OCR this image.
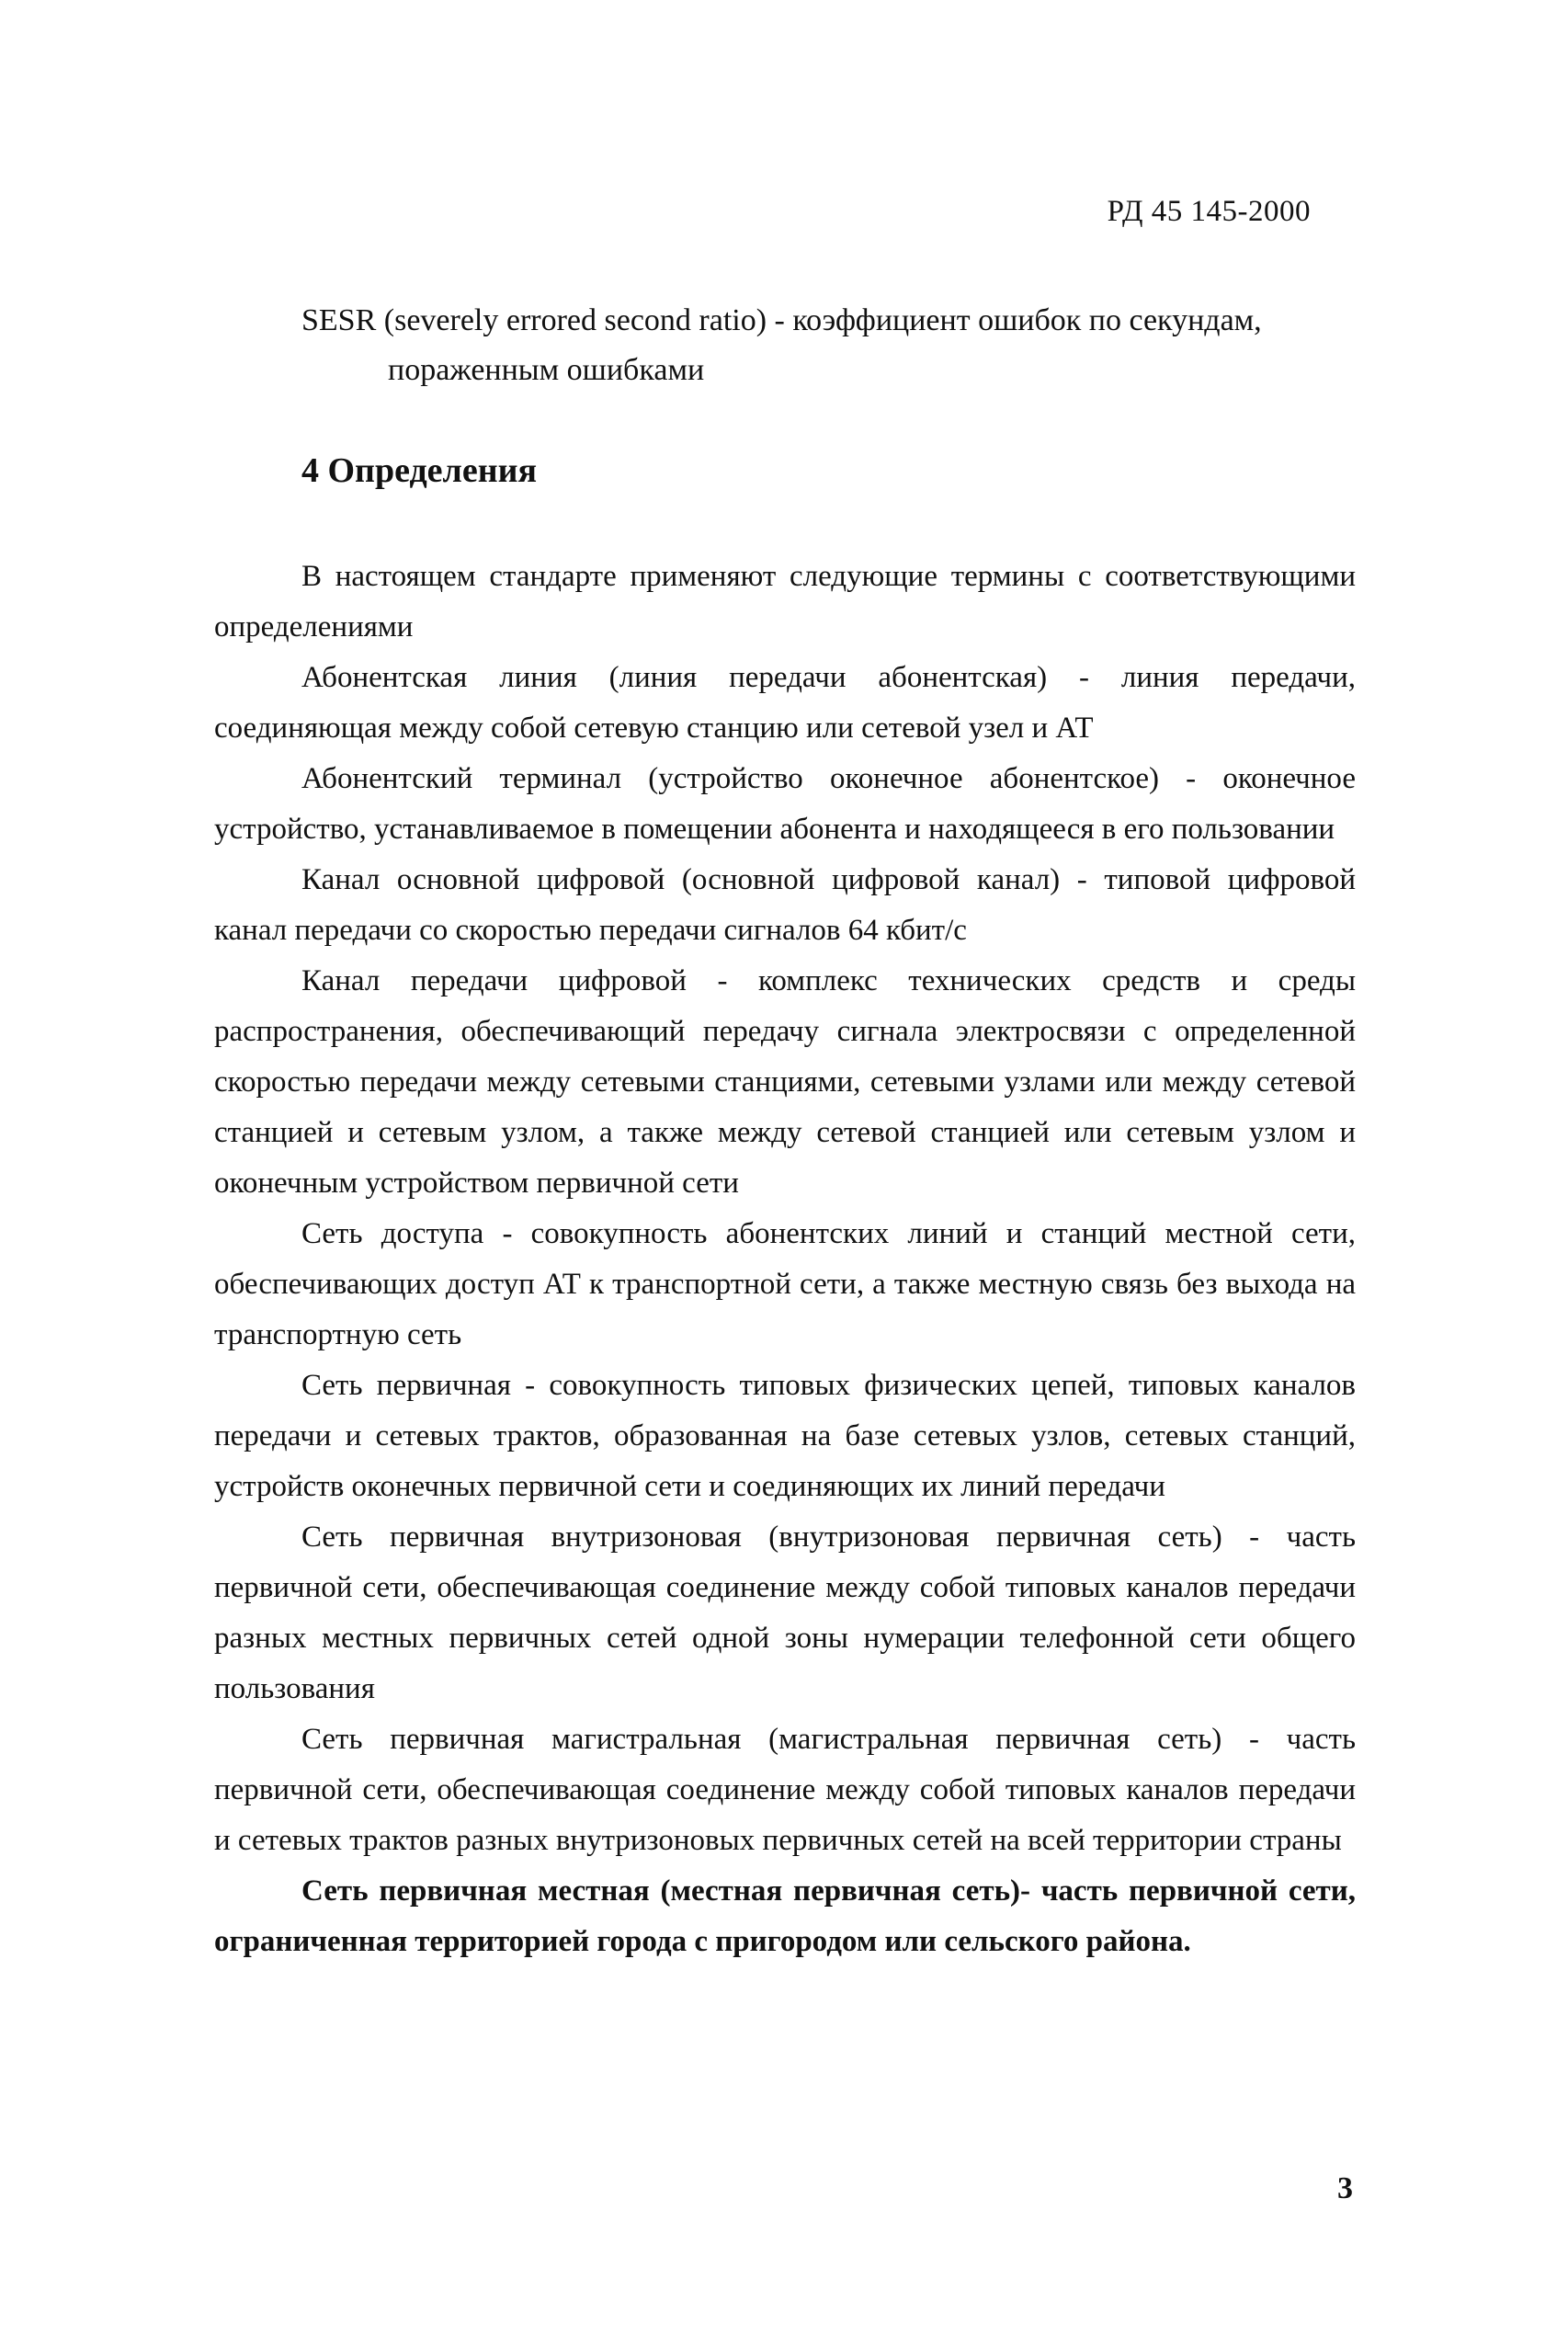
РД 45 145-2000
SESR (severely errored second ratio) - коэффициент ошибок по секундам,
пораженным ошибками
4 Определения

В настоящем стандарте применяют следующие термины с соответствующими определениями

Абонентская линия (линия передачи абонентская) - линия передачи, соединяющая между собой сетевую станцию или сетевой узел и АТ

Абонентский терминал (устройство оконечное абонентское) - оконечное устройство, устанавливаемое в помещении абонента и находящееся в его пользовании

Канал основной цифровой (основной цифровой канал) - типовой цифровой канал передачи со скоростью передачи сигналов 64 кбит/с

Канал передачи цифровой - комплекс технических средств и среды распространения, обеспечивающий передачу сигнала электросвязи с определенной скоростью передачи между сетевыми станциями, сетевыми узлами или между сетевой станцией и сетевым узлом, а также между сетевой станцией или сетевым узлом и оконечным устройством первичной сети

Сеть доступа - совокупность абонентских линий и станций местной сети, обеспечивающих доступ АТ к транспортной сети, а также местную связь без выхода на транспортную сеть

Сеть первичная - совокупность типовых физических цепей, типовых каналов передачи и сетевых трактов, образованная на базе сетевых узлов, сетевых станций, устройств оконечных первичной сети и соединяющих их линий передачи

Сеть первичная внутризоновая (внутризоновая первичная сеть) - часть первичной сети, обеспечивающая соединение между собой типовых каналов передачи разных местных первичных сетей одной зоны нумерации телефонной сети общего пользования

Сеть первичная магистральная (магистральная первичная сеть) - часть первичной сети, обеспечивающая соединение между собой типовых каналов передачи и сетевых трактов разных внутризоновых первичных сетей на всей территории страны

Сеть первичная местная (местная первичная сеть)- часть первичной сети, ограниченная территорией города с пригородом или сельского района.

3
